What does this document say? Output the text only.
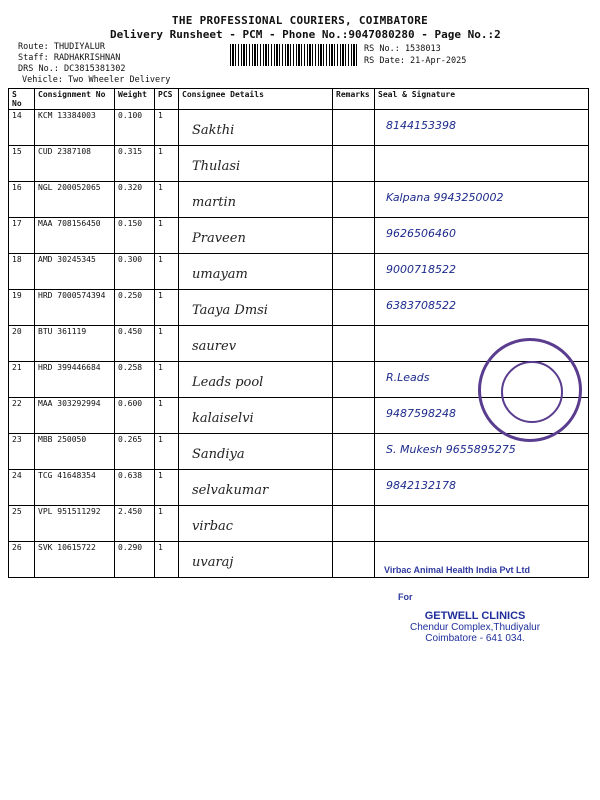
THE PROFESSIONAL COURIERS, COIMBATORE
Delivery Runsheet - PCM - Phone No.:9047080280 - Page No.:2
Route: THUDIYALUR
Staff: RADHAKRISHNAN
DRS No.: DC3815381302
Vehicle: Two Wheeler Delivery
RS No.: 1538013
RS Date: 21-Apr-2025
S No	Consignment No	Weight	PCS	Consignee Details	Remarks	Seal & Signature
14	KCM 13384003	0.100	1	Sakthi		8144153398

15	CUD 2387108	0.315	1	Thulasi		

16	NGL 200052065	0.320	1	martin		Kalpana 9943250002

17	MAA 708156450	0.150	1	Praveen		9626506460

18	AMD 30245345	0.300	1	umayam		9000718522

19	HRD 7000574394	0.250	1	Taaya Dmsi		6383708522

20	BTU 361119	0.450	1	saurev		

21	HRD 399446684	0.258	1	Leads pool		R.Leads

22	MAA 303292994	0.600	1	kalaiselvi		9487598248

23	MBB 250050	0.265	1	Sandiya		S. Mukesh 9655895275

24	TCG 41648354	0.638	1	selvakumar		9842132178

25	VPL 951511292	2.450	1	virbac		

26	SVK 10615722	0.290	1	uvaraj		
			Virbac Animal Health India Pvt Ltd
For
GETWELL CLINICS
Chendur Complex,Thudiyalur
Coimbatore - 641 034.
